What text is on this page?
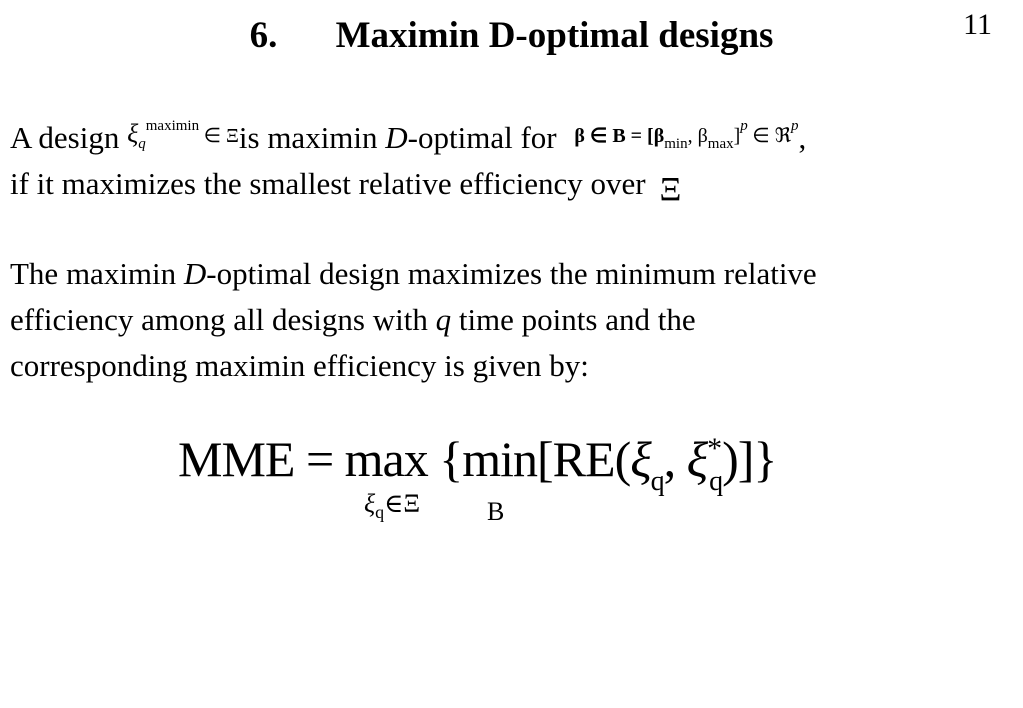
11
6. Maximin D-optimal designs

A design $\xi_q^{maximin}$ ∈ Ξis maximin D-optimal for β ∈ $B = [\beta_{min}$, $\beta_{max}]^p$ ∈ ℜ$^p$,
if it maximizes the smallest relative efficiency over Ξ

The maximin D-optimal design maximizes the minimum relative
efficiency among all designs with q time points and the
corresponding maximin efficiency is given by:

MME = $\max \{\min[RE(\xi_q$, $\xi^*_q$)]}
$\xi_q\in\Xi$	B
